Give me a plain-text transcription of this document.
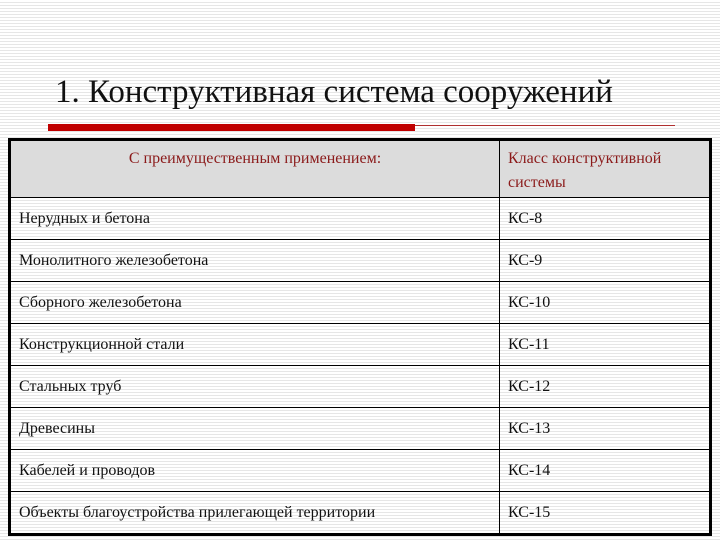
1. Конструктивная система сооружений
С преимущественным применением:	Класс конструктивной системы
Нерудных и бетона	КС-8
Монолитного железобетона	КС-9
Сборного железобетона	КС-10
Конструкционной стали	КС-11
Стальных труб	КС-12
Древесины	КС-13
Кабелей и проводов	КС-14
Объекты благоустройства прилегающей территории	КС-15
